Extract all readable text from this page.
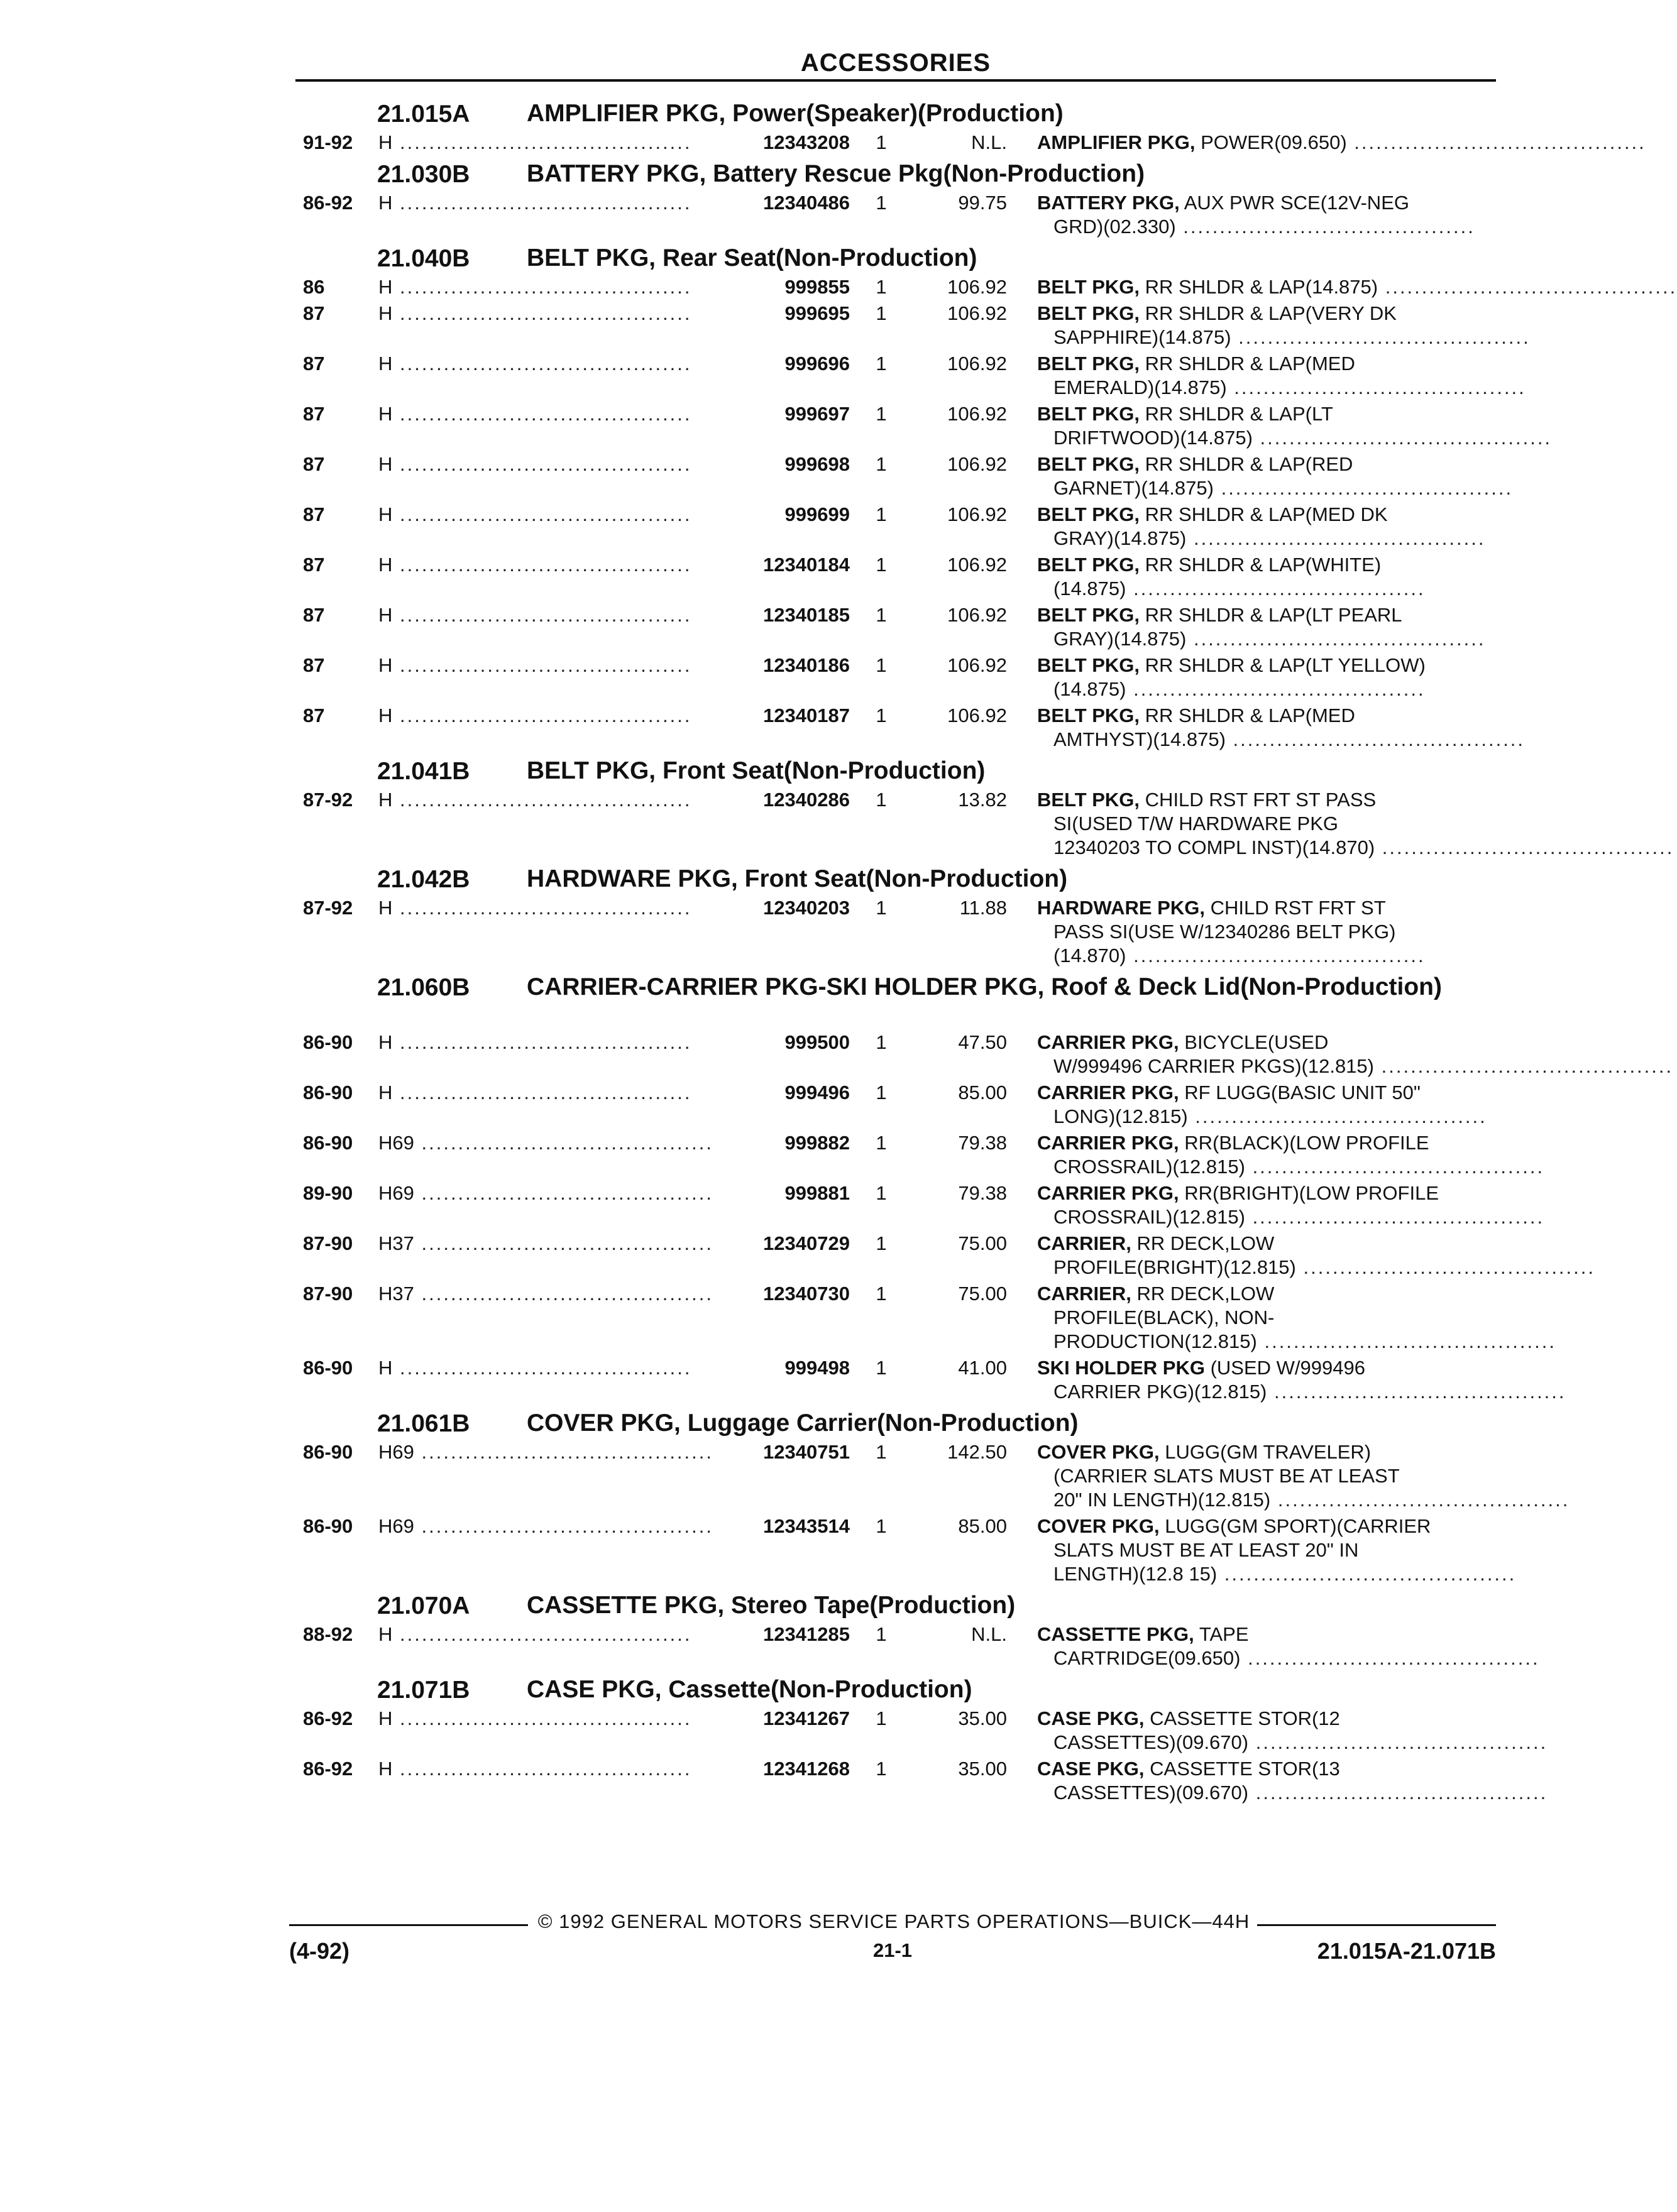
ACCESSORIES
21.015A AMPLIFIER PKG, Power(Speaker)(Production)
91-92 H ........................................	12343208	1	N.L. AMPLIFIER PKG, POWER(09.650) ........................................
21.030B BATTERY PKG, Battery Rescue Pkg(Non-Production)
86-92 H ........................................	12340486	1	99.75 BATTERY PKG, AUX PWR SCE(12V-NEG
GRD)(02.330) ........................................
21.040B BELT PKG, Rear Seat(Non-Production)
86	H ........................................	999855	1	106.92 BELT PKG, RR SHLDR & LAP(14.875) ........................................
87	H ........................................	999695	1	106.92 BELT PKG, RR SHLDR & LAP(VERY DK
SAPPHIRE)(14.875) ........................................
87	H ........................................	999696	1	106.92 BELT PKG, RR SHLDR & LAP(MED
EMERALD)(14.875) ........................................
87	H ........................................	999697	1	106.92 BELT PKG, RR SHLDR & LAP(LT
DRIFTWOOD)(14.875) ........................................
87	H ........................................	999698	1	106.92 BELT PKG, RR SHLDR & LAP(RED
GARNET)(14.875) ........................................
87	H ........................................	999699	1	106.92 BELT PKG, RR SHLDR & LAP(MED DK
GRAY)(14.875) ........................................
87	H ........................................	12340184	1	106.92 BELT PKG, RR SHLDR & LAP(WHITE)
(14.875) ........................................
87	H ........................................	12340185	1	106.92 BELT PKG, RR SHLDR & LAP(LT PEARL
GRAY)(14.875) ........................................
87	H ........................................	12340186	1	106.92 BELT PKG, RR SHLDR & LAP(LT YELLOW)
(14.875) ........................................
87	H ........................................	12340187	1	106.92 BELT PKG, RR SHLDR & LAP(MED
AMTHYST)(14.875) ........................................
21.041B BELT PKG, Front Seat(Non-Production)
87-92 H ........................................	12340286	1	13.82 BELT PKG, CHILD RST FRT ST PASS
SI(USED T/W HARDWARE PKG
12340203 TO COMPL INST)(14.870) ........................................
21.042B HARDWARE PKG, Front Seat(Non-Production)
87-92 H ........................................	12340203	1	11.88 HARDWARE PKG, CHILD RST FRT ST
PASS SI(USE W/12340286 BELT PKG)
(14.870) ........................................
21.060B CARRIER-CARRIER PKG-SKI HOLDER PKG, Roof & Deck Lid(Non-Production)
86-90 H ........................................	999500	1	47.50 CARRIER PKG, BICYCLE(USED
W/999496 CARRIER PKGS)(12.815) ........................................
86-90 H ........................................	999496	1	85.00 CARRIER PKG, RF LUGG(BASIC UNIT 50"
LONG)(12.815) ........................................
86-90 H69 ........................................	999882	1	79.38 CARRIER PKG, RR(BLACK)(LOW PROFILE
CROSSRAIL)(12.815) ........................................
89-90 H69 ........................................	999881	1	79.38 CARRIER PKG, RR(BRIGHT)(LOW PROFILE
CROSSRAIL)(12.815) ........................................
87-90 H37 ........................................	12340729	1	75.00 CARRIER, RR DECK,LOW
PROFILE(BRIGHT)(12.815) ........................................
87-90 H37 ........................................	12340730	1	75.00 CARRIER, RR DECK,LOW
PROFILE(BLACK), NON-
PRODUCTION(12.815) ........................................
86-90 H ........................................	999498	1	41.00 SKI HOLDER PKG (USED W/999496
CARRIER PKG)(12.815) ........................................
21.061B COVER PKG, Luggage Carrier(Non-Production)
86-90 H69 ........................................	12340751	1	142.50 COVER PKG, LUGG(GM TRAVELER)
(CARRIER SLATS MUST BE AT LEAST
20" IN LENGTH)(12.815) ........................................
86-90 H69 ........................................	12343514	1	85.00 COVER PKG, LUGG(GM SPORT)(CARRIER
SLATS MUST BE AT LEAST 20" IN
LENGTH)(12.8 15) ........................................
21.070A CASSETTE PKG, Stereo Tape(Production)
88-92 H ........................................	12341285	1	N.L. CASSETTE PKG, TAPE
CARTRIDGE(09.650) ........................................
21.071B CASE PKG, Cassette(Non-Production)
86-92 H ........................................	12341267	1	35.00 CASE PKG, CASSETTE STOR(12
CASSETTES)(09.670) ........................................
86-92 H ........................................	12341268	1	35.00 CASE PKG, CASSETTE STOR(13
CASSETTES)(09.670) ........................................
© 1992 GENERAL MOTORS SERVICE PARTS OPERATIONS—BUICK—44H
(4-92)	21-1	21.015A-21.071B
